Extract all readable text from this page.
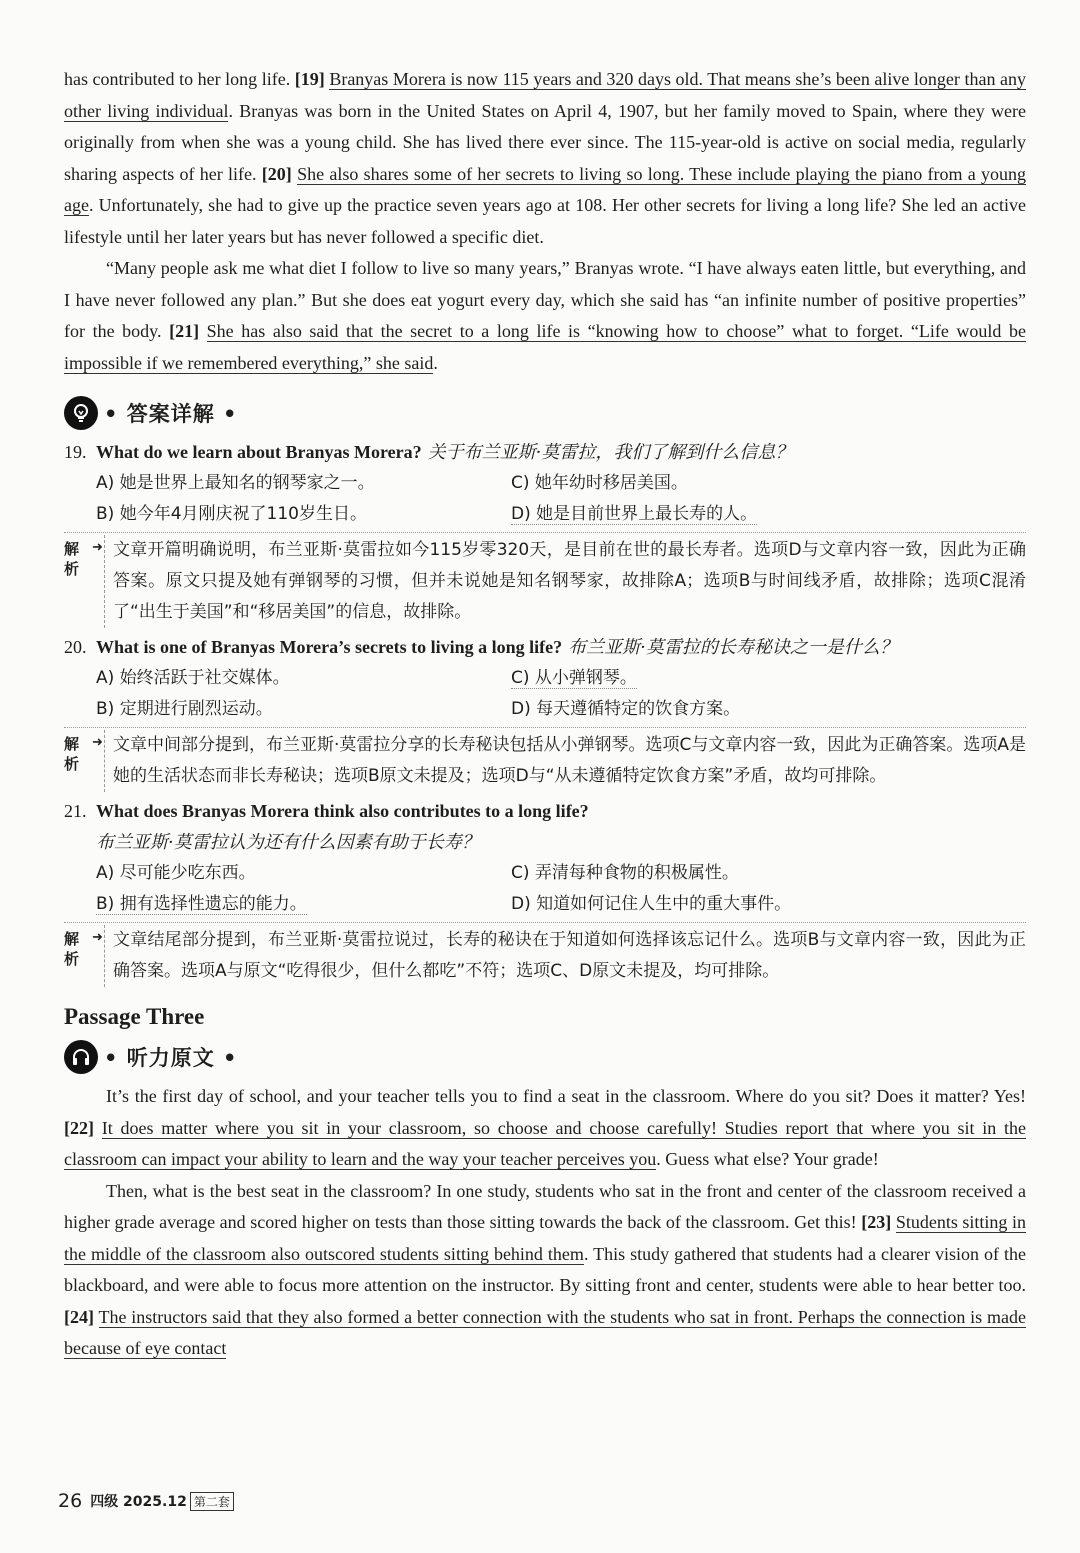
has contributed to her long life. [19] Branyas Morera is now 115 years and 320 days old. That means she’s been alive longer than any other living individual. Branyas was born in the United States on April 4, 1907, but her family moved to Spain, where they were originally from when she was a young child. She has lived there ever since. The 115-year-old is active on social media, regularly sharing aspects of her life. [20] She also shares some of her secrets to living so long. These include playing the piano from a young age. Unfortunately, she had to give up the practice seven years ago at 108. Her other secrets for living a long life? She led an active lifestyle until her later years but has never followed a specific diet.

“Many people ask me what diet I follow to live so many years,” Branyas wrote. “I have always eaten little, but everything, and I have never followed any plan.” But she does eat yogurt every day, which she said has “an infinite number of positive properties” for the body. [21] She has also said that the secret to a long life is “knowing how to choose” what to forget. “Life would be impossible if we remembered everything,” she said.

• 答案详解 •

19. What do we learn about Branyas Morera? 关于布兰亚斯·莫雷拉，我们了解到什么信息？

A) 她是世界上最知名的钢琴家之一。	C) 她年幼时移居美国。
B) 她今年4月刚庆祝了110岁生日。	D) 她是目前世界上最长寿的人。
解
析
➜ 文章开篇明确说明，布兰亚斯·莫雷拉如今115岁零320天，是目前在世的最长寿者。选项D与文章内容一致，因此为正确答案。原文只提及她有弹钢琴的习惯，但并未说她是知名钢琴家，故排除A；选项B与时间线矛盾，故排除；选项C混淆了“出生于美国”和“移居美国”的信息，故排除。

20. What is one of Branyas Morera’s secrets to living a long life? 布兰亚斯·莫雷拉的长寿秘诀之一是什么？

A) 始终活跃于社交媒体。	C) 从小弹钢琴。
B) 定期进行剧烈运动。	D) 每天遵循特定的饮食方案。
解
析
➜ 文章中间部分提到，布兰亚斯·莫雷拉分享的长寿秘诀包括从小弹钢琴。选项C与文章内容一致，因此为正确答案。选项A是她的生活状态而非长寿秘诀；选项B原文未提及；选项D与“从未遵循特定饮食方案”矛盾，故均可排除。

21. What does Branyas Morera think also contributes to a long life?

布兰亚斯·莫雷拉认为还有什么因素有助于长寿？

A) 尽可能少吃东西。	C) 弄清每种食物的积极属性。
B) 拥有选择性遗忘的能力。	D) 知道如何记住人生中的重大事件。
解
析
➜ 文章结尾部分提到，布兰亚斯·莫雷拉说过，长寿的秘诀在于知道如何选择该忘记什么。选项B与文章内容一致，因此为正确答案。选项A与原文“吃得很少，但什么都吃”不符；选项C、D原文未提及，均可排除。
Passage Three
• 听力原文 •

It’s the first day of school, and your teacher tells you to find a seat in the classroom. Where do you sit? Does it matter? Yes! [22] It does matter where you sit in your classroom, so choose and choose carefully! Studies report that where you sit in the classroom can impact your ability to learn and the way your teacher perceives you. Guess what else? Your grade!

Then, what is the best seat in the classroom? In one study, students who sat in the front and center of the classroom received a higher grade average and scored higher on tests than those sitting towards the back of the classroom. Get this! [23] Students sitting in the middle of the classroom also outscored students sitting behind them. This study gathered that students had a clearer vision of the blackboard, and were able to focus more attention on the instructor. By sitting front and center, students were able to hear better too. [24] The instructors said that they also formed a better connection with the students who sat in front. Perhaps the connection is made because of eye contact

26 四级 2025.12 第二套
